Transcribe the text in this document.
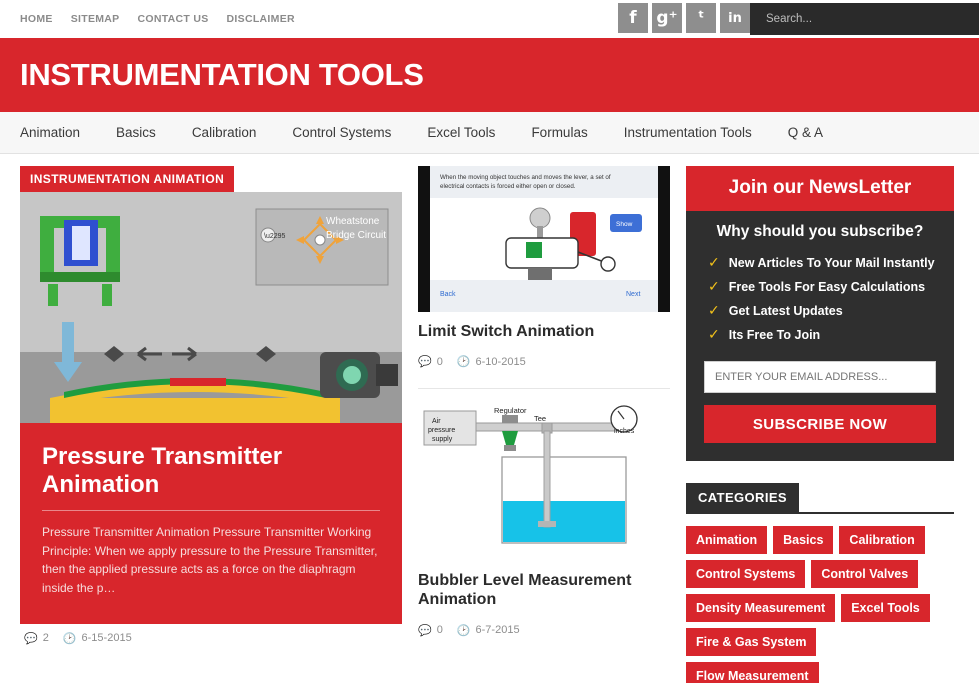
HOME SITEMAP CONTACT US DISCLAIMER	f	g⁺	ᵗ	in
Search...
INSTRUMENTATION TOOLS
Animation	Basics	Calibration	Control Systems	Excel Tools	Formulas	Instrumentation Tools	Q & A
INSTRUMENTATION ANIMATION
\u2295
Wheatstone
Bridge Circuit
Pressure Transmitter Animation

Pressure Transmitter Animation Pressure Transmitter Working Principle: When we apply pressure to the Pressure Transmitter, then the applied pressure acts as a force on the diaphragm inside the p…

💬 2 🕑 6-15-2015
When the moving object touches and moves the lever, a set of
electrical contacts is forced either open or closed.
Show
Back	Next
Limit Switch Animation
💬 0 🕑 6-10-2015
Air
pressure
supply
Regulator
Tee
inches
Bubbler Level Measurement Animation
💬 0 🕑 6-7-2015
Join our NewsLetter
Why should you subscribe?
✓ New Articles To Your Mail Instantly
✓ Free Tools For Easy Calculations
✓ Get Latest Updates
✓ Its Free To Join
ENTER YOUR EMAIL ADDRESS...
SUBSCRIBE NOW
CATEGORIES
Animation	Basics	Calibration
Control Systems	Control Valves
Density Measurement	Excel Tools
Fire & Gas System
Flow Measurement
